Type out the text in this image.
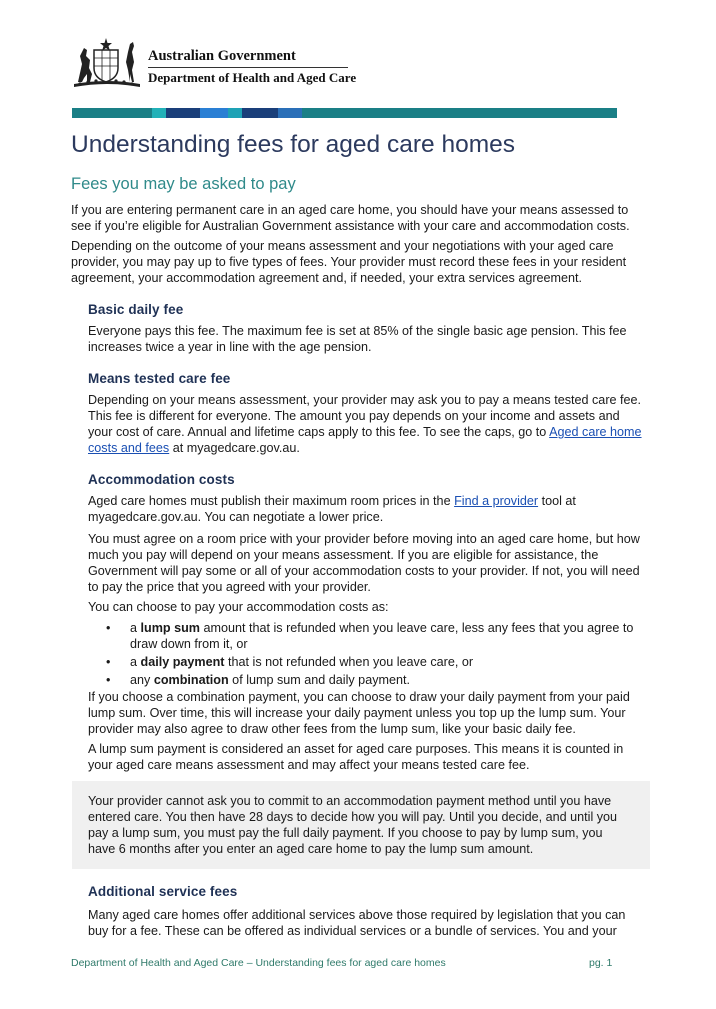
Australian Government
Department of Health and Aged Care
Understanding fees for aged care homes
Fees you may be asked to pay

If you are entering permanent care in an aged care home, you should have your means assessed to see if you’re eligible for Australian Government assistance with your care and accommodation costs.

Depending on the outcome of your means assessment and your negotiations with your aged care provider, you may pay up to five types of fees. Your provider must record these fees in your resident agreement, your accommodation agreement and, if needed, your extra services agreement.

Basic daily fee

Everyone pays this fee. The maximum fee is set at 85% of the single basic age pension. This fee increases twice a year in line with the age pension.

Means tested care fee

Depending on your means assessment, your provider may ask you to pay a means tested care fee. This fee is different for everyone. The amount you pay depends on your income and assets and your cost of care. Annual and lifetime caps apply to this fee. To see the caps, go to Aged care home costs and fees at myagedcare.gov.au.

Accommodation costs

Aged care homes must publish their maximum room prices in the Find a provider tool at myagedcare.gov.au. You can negotiate a lower price.

You must agree on a room price with your provider before moving into an aged care home, but how much you pay will depend on your means assessment. If you are eligible for assistance, the Government will pay some or all of your accommodation costs to your provider. If not, you will need to pay the price that you agreed with your provider.

You can choose to pay your accommodation costs as:

• a lump sum amount that is refunded when you leave care, less any fees that you agree to draw down from it, or
• a daily payment that is not refunded when you leave care, or
• any combination of lump sum and daily payment.

If you choose a combination payment, you can choose to draw your daily payment from your paid lump sum. Over time, this will increase your daily payment unless you top up the lump sum. Your provider may also agree to draw other fees from the lump sum, like your basic daily fee.

A lump sum payment is considered an asset for aged care purposes. This means it is counted in your aged care means assessment and may affect your means tested care fee.

Your provider cannot ask you to commit to an accommodation payment method until you have entered care. You then have 28 days to decide how you will pay. Until you decide, and until you pay a lump sum, you must pay the full daily payment. If you choose to pay by lump sum, you have 6 months after you enter an aged care home to pay the lump sum amount.

Additional service fees

Many aged care homes offer additional services above those required by legislation that you can buy for a fee. These can be offered as individual services or a bundle of services. You and your

Department of Health and Aged Care – Understanding fees for aged care homes	pg. 1
